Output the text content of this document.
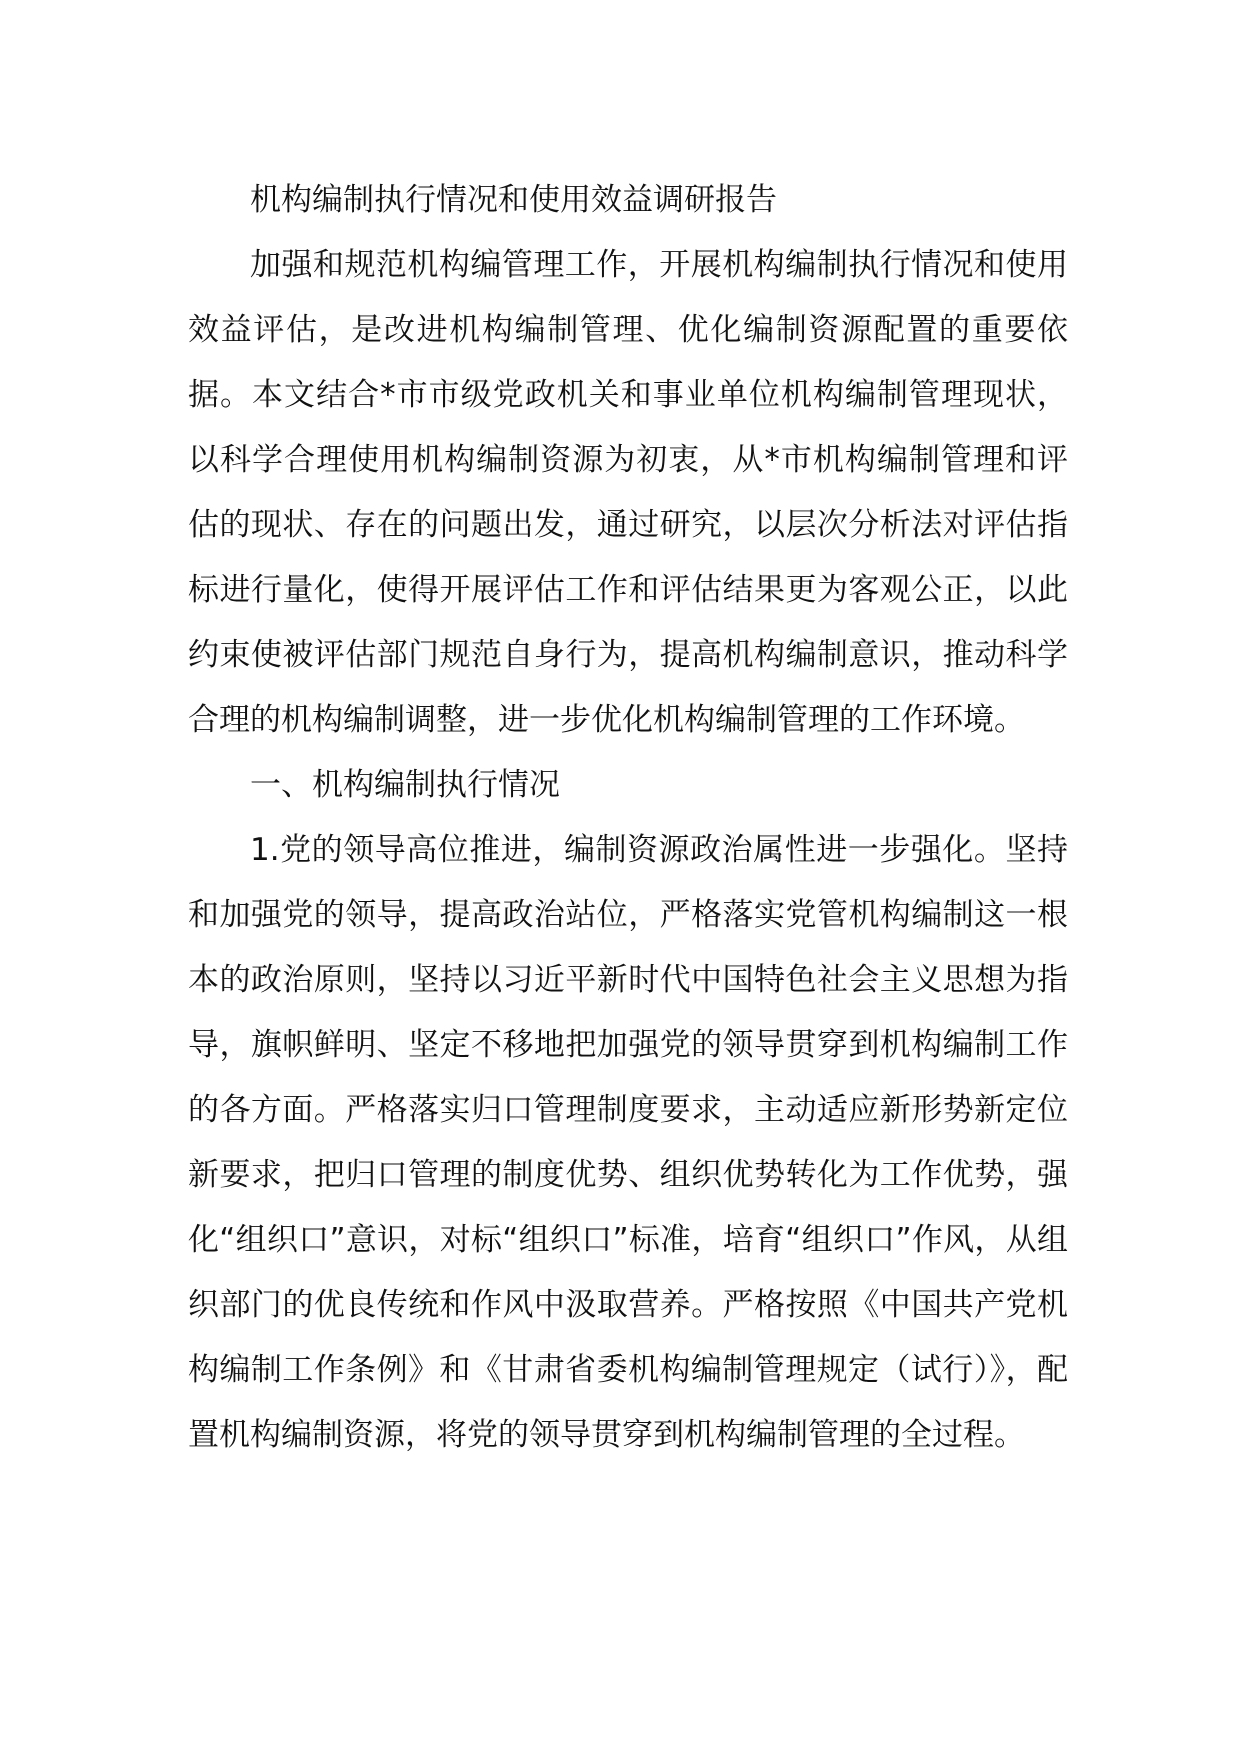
机构编制执行情况和使用效益调研报告

加强和规范机构编管理工作，开展机构编制执行情况和使用效益评估，是改进机构编制管理、优化编制资源配置的重要依据。本文结合*市市级党政机关和事业单位机构编制管理现状，以科学合理使用机构编制资源为初衷，从*市机构编制管理和评估的现状、存在的问题出发，通过研究，以层次分析法对评估指标进行量化，使得开展评估工作和评估结果更为客观公正，以此约束使被评估部门规范自身行为，提高机构编制意识，推动科学合理的机构编制调整，进一步优化机构编制管理的工作环境。

一、机构编制执行情况

1.党的领导高位推进，编制资源政治属性进一步强化。坚持和加强党的领导，提高政治站位，严格落实党管机构编制这一根本的政治原则，坚持以习近平新时代中国特色社会主义思想为指导，旗帜鲜明、坚定不移地把加强党的领导贯穿到机构编制工作的各方面。严格落实归口管理制度要求，主动适应新形势新定位新要求，把归口管理的制度优势、组织优势转化为工作优势，强化“组织口”意识，对标“组织口”标准，培育“组织口”作风，从组织部门的优良传统和作风中汲取营养。严格按照《中国共产党机构编制工作条例》和《甘肃省委机构编制管理规定（试行）》，配置机构编制资源，将党的领导贯穿到机构编制管理的全过程。
